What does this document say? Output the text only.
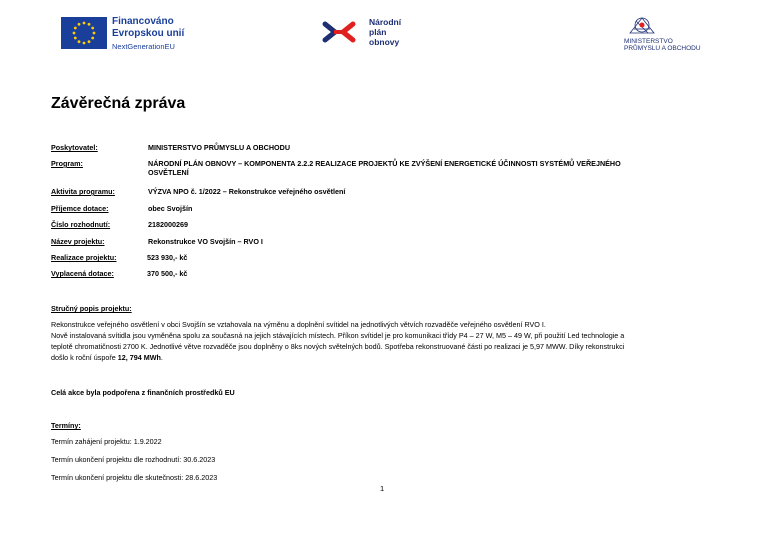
Financováno
Evropskou unií
NextGenerationEU
Národní
plán
obnovy	MINISTERSTVO
PRŮMYSLU A OBCHODU
Závěrečná zpráva
Poskytovatel:	MINISTERSTVO PRŮMYSLU A OBCHODU
Program:	NÁRODNÍ PLÁN OBNOVY – KOMPONENTA 2.2.2 REALIZACE PROJEKTŮ KE ZVÝŠENÍ ENERGETICKÉ ÚČINNOSTI SYSTÉMŮ VEŘEJNÉHO
OSVĚTLENÍ
Aktivita programu:	VÝZVA NPO č. 1/2022 – Rekonstrukce veřejného osvětlení
Příjemce dotace:	obec Svojšín
Číslo rozhodnutí:	2182000269
Název projektu:	Rekonstrukce VO Svojšín – RVO I
Realizace projektu:	523 930,- kč
Vyplacená dotace:	370 500,- kč
Stručný popis projektu:
Rekonstrukce veřejného osvětlení v obci Svojšín se vztahovala na výměnu a doplnění svítidel na jednotlivých větvích rozvaděče veřejného osvětlení RVO I.
Nově instalovaná svítidla jsou vyměněna spolu za současná na jejich stávajících místech. Příkon svítidel je pro komunikaci třídy P4 – 27 W, M5 – 49 W, při použití Led technologie a
teplotě chromatičnosti 2700 K. Jednotlivé větve rozvaděče jsou doplněny o 8ks nových světelných bodů. Spotřeba rekonstruované části po realizaci je 5,97 MWW. Díky rekonstrukci
došlo k roční úspoře 12, 794 MWh.
Celá akce byla podpořena z finančních prostředků EU
Termíny:
Termín zahájení projektu: 1.9.2022
Termín ukončení projektu dle rozhodnutí: 30.6.2023
Termín ukončení projektu dle skutečnosti: 28.6.2023
1
